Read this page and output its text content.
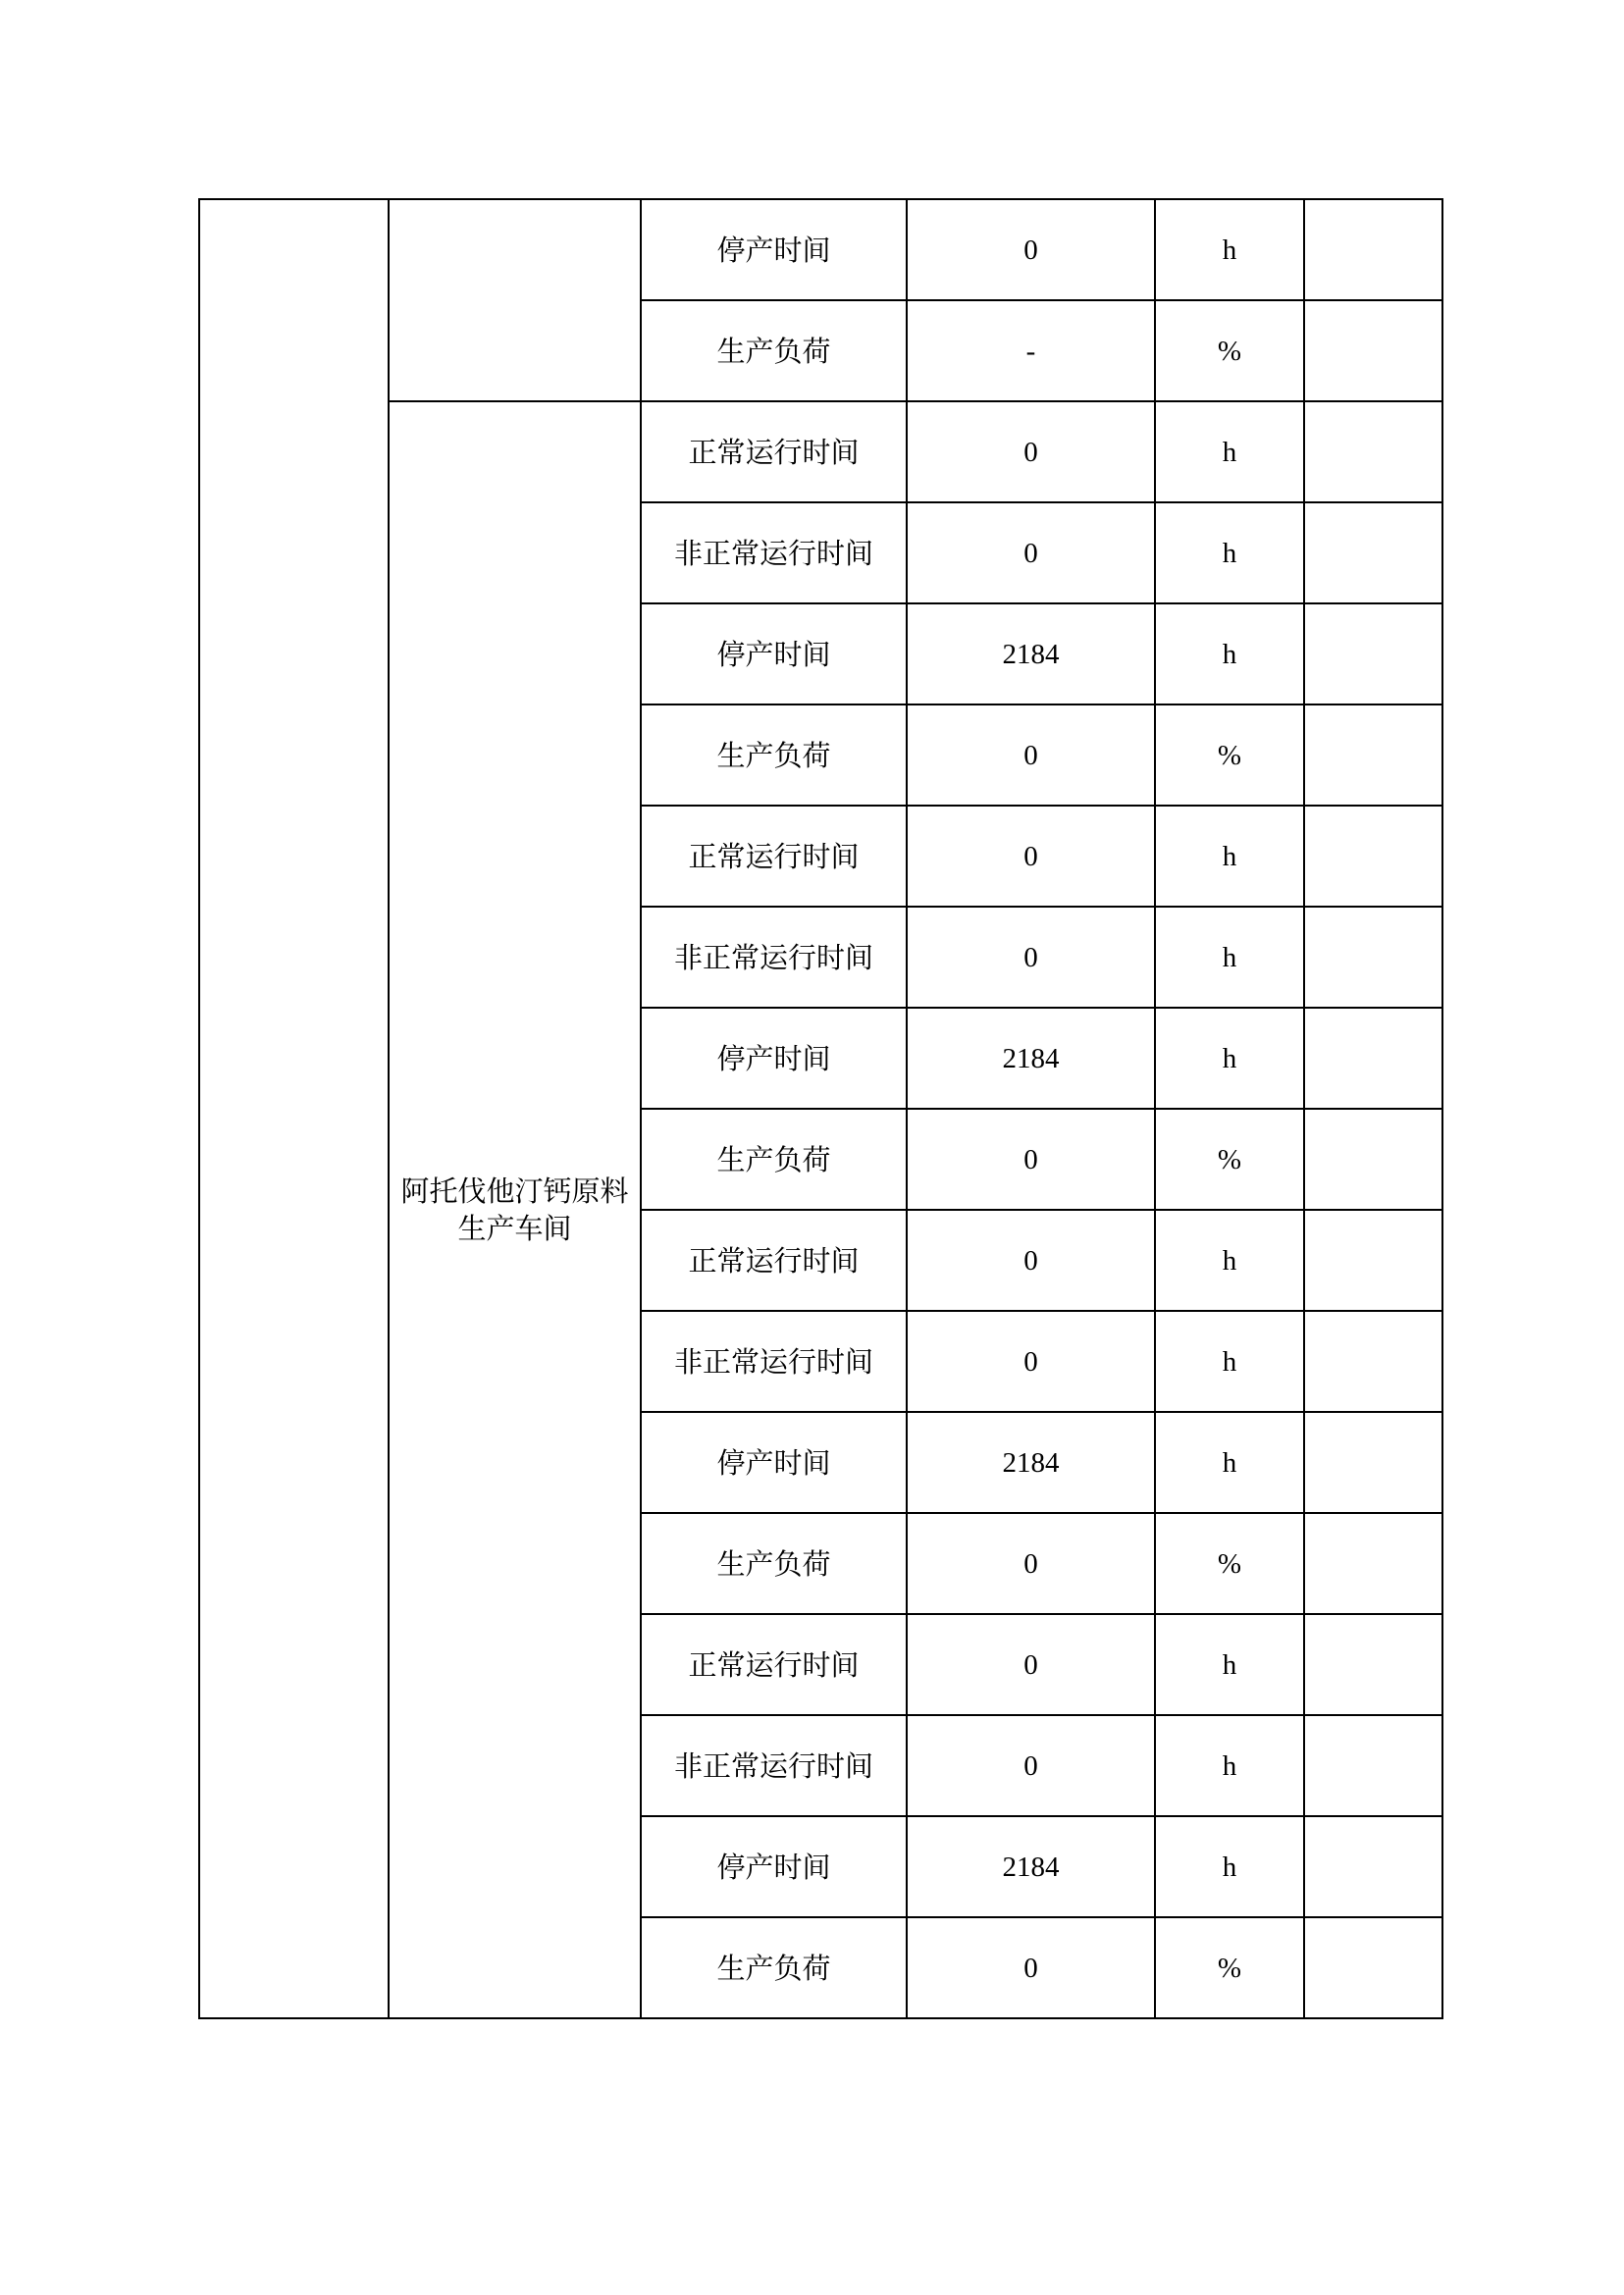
		停产时间	0	h	
		生产负荷	-	%	
	阿托伐他汀钙原料生产车间	正常运行时间	0	h	
		非正常运行时间	0	h	
		停产时间	2184	h	
		生产负荷	0	%	
		正常运行时间	0	h	
		非正常运行时间	0	h	
		停产时间	2184	h	
		生产负荷	0	%	
		正常运行时间	0	h	
		非正常运行时间	0	h	
		停产时间	2184	h	
		生产负荷	0	%	
		正常运行时间	0	h	
		非正常运行时间	0	h	
		停产时间	2184	h	
		生产负荷	0	%	
